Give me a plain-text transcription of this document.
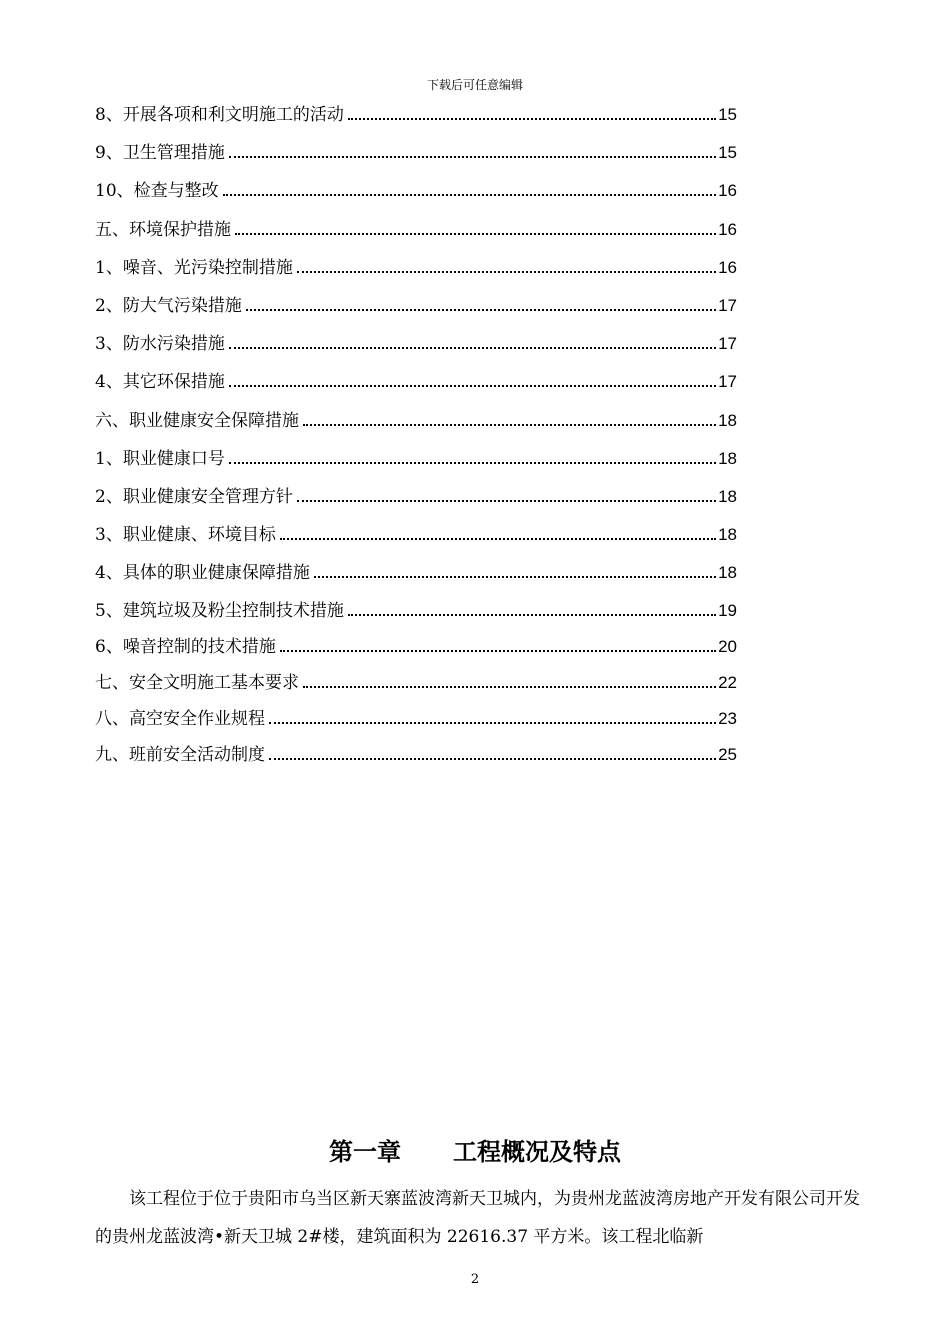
下载后可任意编辑
8、开展各项和利文明施工的活动	15
9、卫生管理措施	15
10、检查与整改	16
五、环境保护措施	16
1、噪音、光污染控制措施	16
2、防大气污染措施	17
3、防水污染措施	17
4、其它环保措施	17
六、职业健康安全保障措施	18
1、职业健康口号	18
2、职业健康安全管理方针	18
3、职业健康、环境目标	18
4、具体的职业健康保障措施	18
5、建筑垃圾及粉尘控制技术措施	19
6、噪音控制的技术措施	20
七、安全文明施工基本要求	22
八、高空安全作业规程	23
九、班前安全活动制度	25
第一章 工程概况及特点
该工程位于位于贵阳市乌当区新天寨蓝波湾新天卫城内，为贵州龙蓝波湾房地产开发有限公司开发的贵州龙蓝波湾•新天卫城 2#楼，建筑面积为 22616.37 平方米。该工程北临新
2
